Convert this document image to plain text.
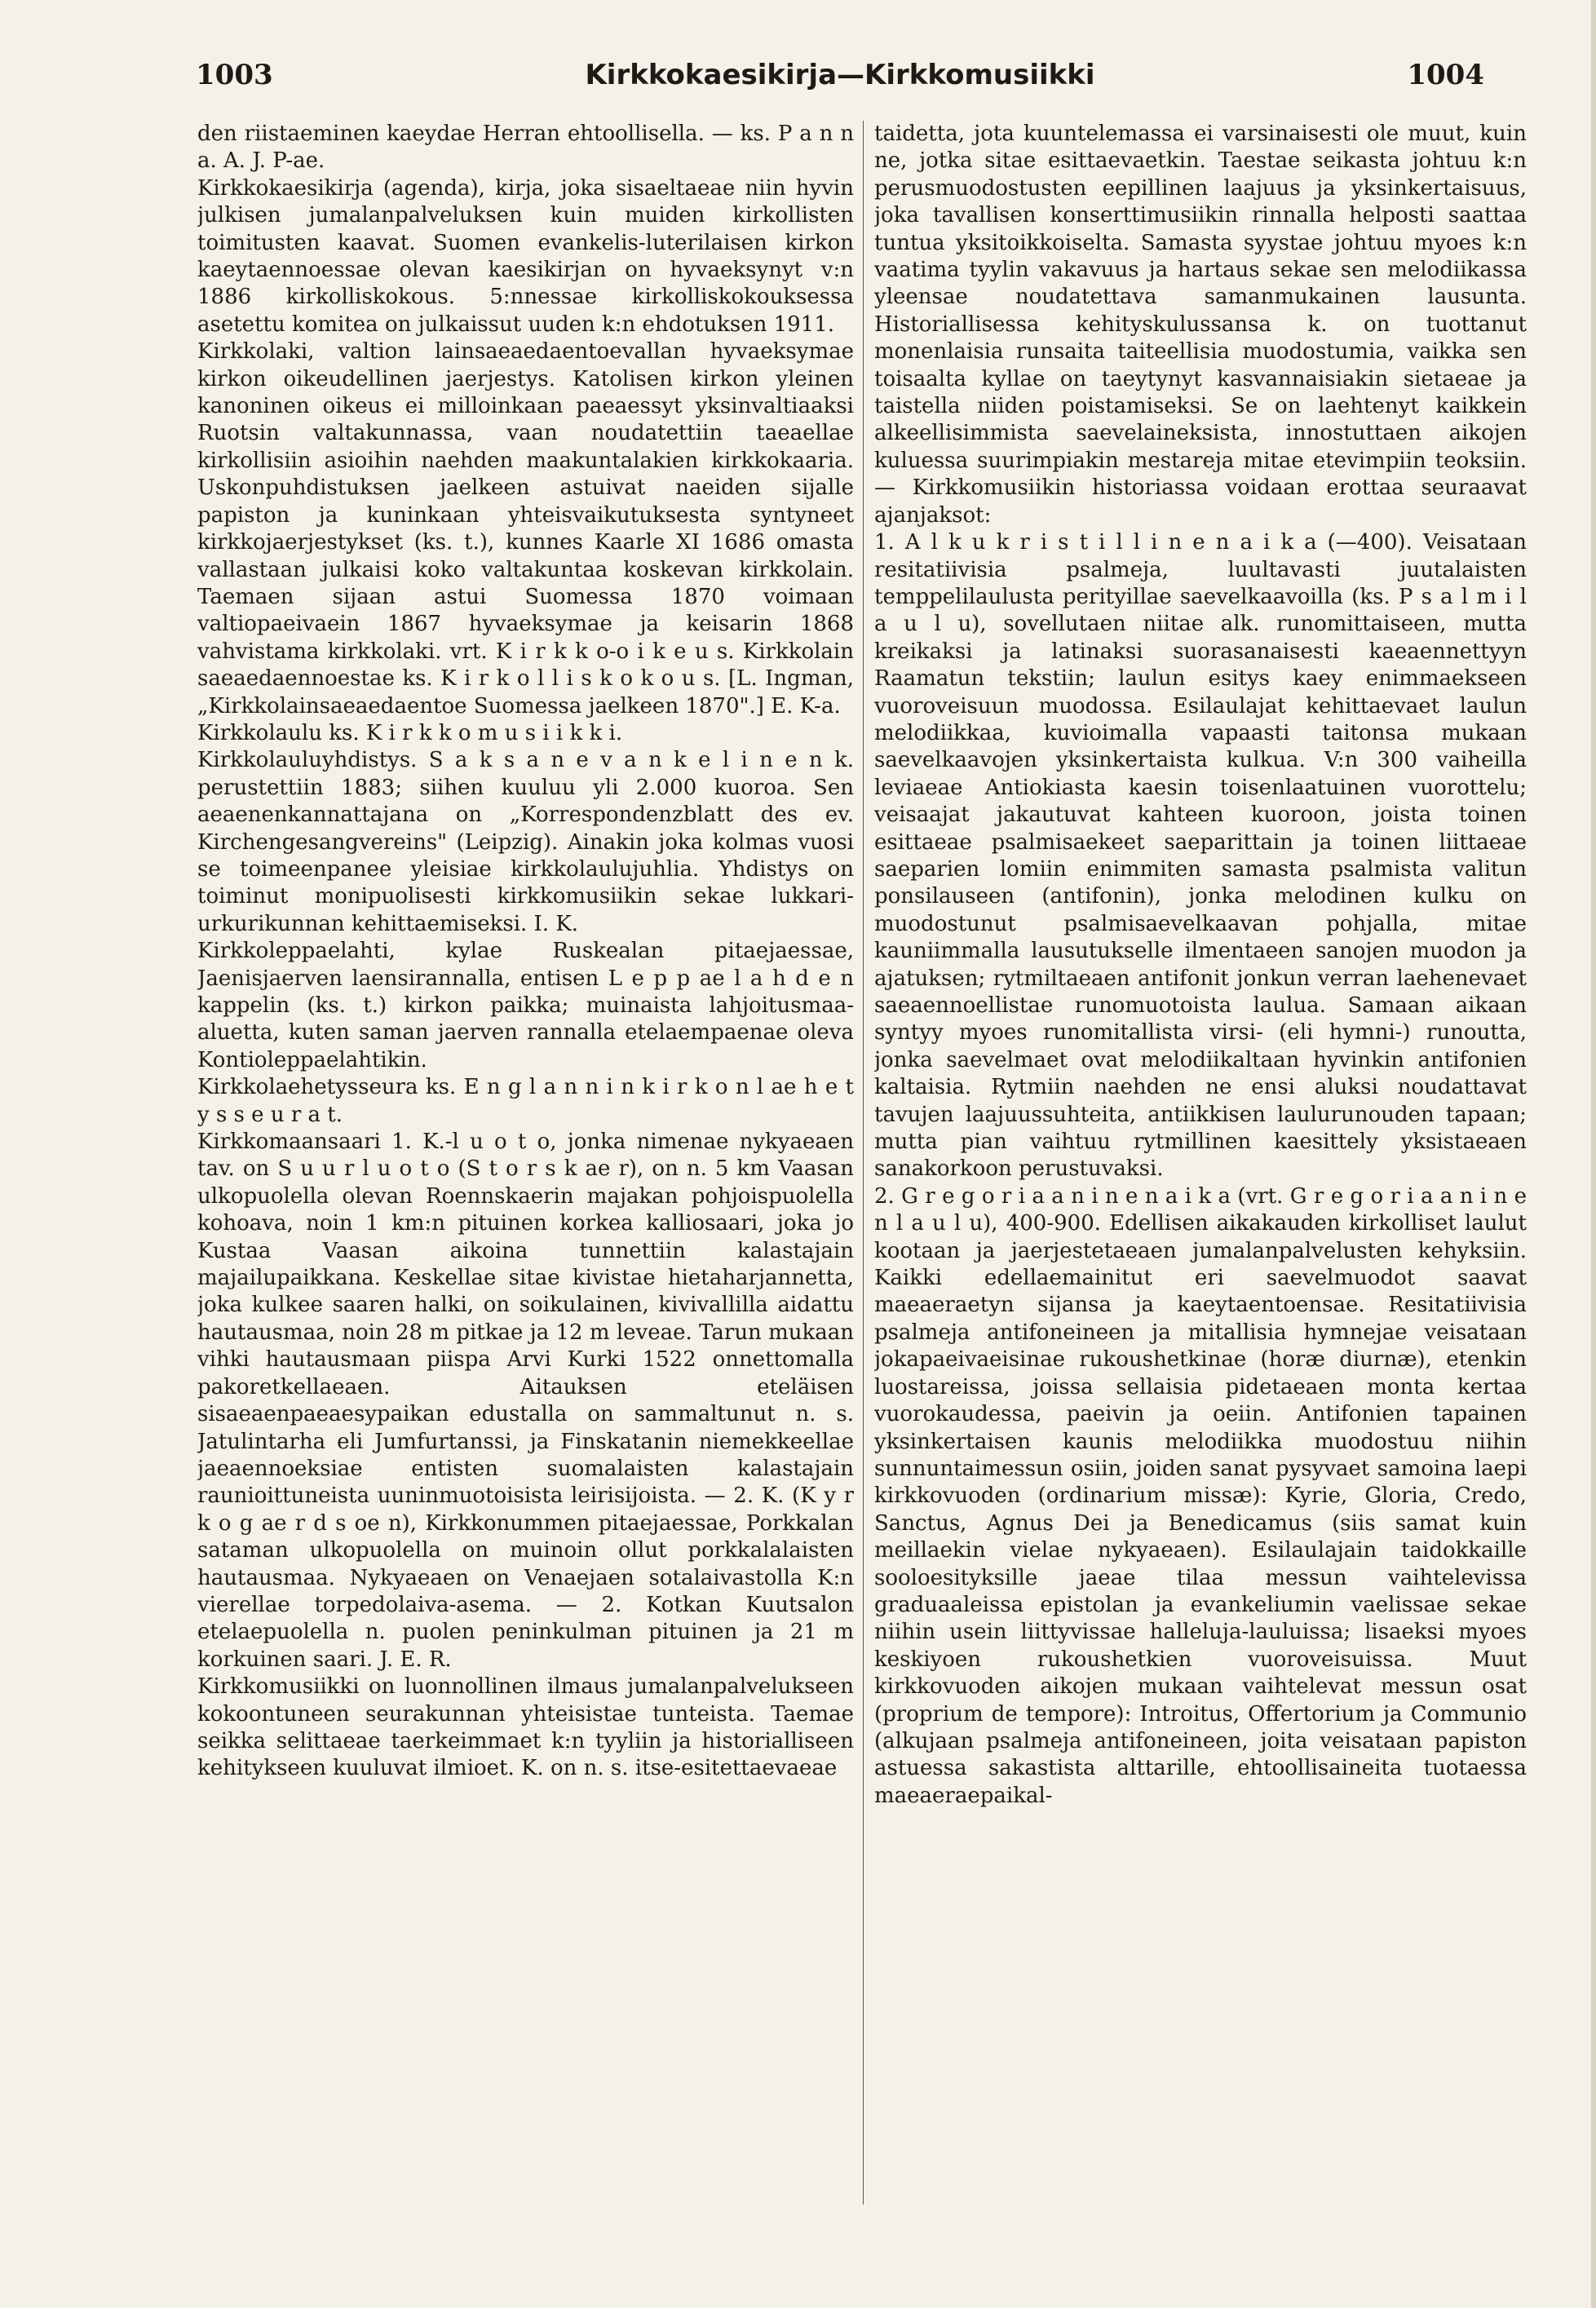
1003	Kirkkokaesikirja—Kirkkomusiikki	1004

den riistaeminen kaeydae Herran ehtoollisella. — ks. P a n n a. A. J. P-ae.

Kirkkokaesikirja (agenda), kirja, joka sisaeltaeae niin hyvin julkisen jumalanpalveluksen kuin muiden kirkollisten toimitusten kaavat. Suomen evankelis-luterilaisen kirkon kaeytaennoessae olevan kaesikirjan on hyvaeksynyt v:n 1886 kirkolliskokous. 5:nnessae kirkolliskokouksessa asetettu komitea on julkaissut uuden k:n ehdotuksen 1911.

Kirkkolaki, valtion lainsaeaedaentoevallan hyvaeksymae kirkon oikeudellinen jaerjestys. Katolisen kirkon yleinen kanoninen oikeus ei milloinkaan paeaessyt yksinvaltiaaksi Ruotsin valtakunnassa, vaan noudatettiin taeaellae kirkollisiin asioihin naehden maakuntalakien kirkkokaaria. Uskonpuhdistuksen jaelkeen astuivat naeiden sijalle papiston ja kuninkaan yhteisvaikutuksesta syntyneet kirkkojaerjestykset (ks. t.), kunnes Kaarle XI 1686 omasta vallastaan julkaisi koko valtakuntaa koskevan kirkkolain. Taemaen sijaan astui Suomessa 1870 voimaan valtiopaeivaein 1867 hyvaeksymae ja keisarin 1868 vahvistama kirkkolaki. vrt. K i r k k o-o i k e u s. Kirkkolain saeaedaennoestae ks. K i r k o l l i s k o k o u s. [L. Ingman, „Kirkkolainsaeaedaentoe Suomessa jaelkeen 1870".] E. K-a.

Kirkkolaulu ks. K i r k k o m u s i i k k i.

Kirkkolauluyhdistys. S a k s a n e v a n k e l i n e n k. perustettiin 1883; siihen kuuluu yli 2.000 kuoroa. Sen aeaenenkannattajana on „Korrespondenzblatt des ev. Kirchengesangvereins" (Leipzig). Ainakin joka kolmas vuosi se toimeenpanee yleisiae kirkkolaulujuhlia. Yhdistys on toiminut monipuolisesti kirkkomusiikin sekae lukkari-urkurikunnan kehittaemiseksi. I. K.

Kirkkoleppaelahti, kylae Ruskealan pitaejaessae, Jaenisjaerven laensirannalla, entisen L e p p ae l a h d e n kappelin (ks. t.) kirkon paikka; muinaista lahjoitusmaa-aluetta, kuten saman jaerven rannalla etelaempaenae oleva Kontioleppaelahtikin.

Kirkkolaehetysseura ks. E n g l a n n i n k i r k o n l ae h e t y s s e u r a t.

Kirkkomaansaari 1. K.-l u o t o, jonka nimenae nykyaeaen tav. on S u u r l u o t o (S t o r s k ae r), on n. 5 km Vaasan ulkopuolella olevan Roennskaerin majakan pohjoispuolella kohoava, noin 1 km:n pituinen korkea kalliosaari, joka jo Kustaa Vaasan aikoina tunnettiin kalastajain majailupaikkana. Keskellae sitae kivistae hietaharjannetta, joka kulkee saaren halki, on soikulainen, kivivallilla aidattu hautausmaa, noin 28 m pitkae ja 12 m leveae. Tarun mukaan vihki hautausmaan piispa Arvi Kurki 1522 onnettomalla pakoretkellaeaen. Aitauksen eteläisen sisaeaenpaeaesypaikan edustalla on sammaltunut n. s. Jatulintarha eli Jumfurtanssi, ja Finskatanin niemekkeellae jaeaennoeksiae entisten suomalaisten kalastajain raunioittuneista uuninmuotoisista leirisijoista. — 2. K. (K y r k o g ae r d s oe n), Kirkkonummen pitaejaessae, Porkkalan sataman ulkopuolella on muinoin ollut porkkalalaisten hautausmaa. Nykyaeaen on Venaejaen sotalaivastolla K:n vierellae torpedolaiva-asema. — 2. Kotkan Kuutsalon etelaepuolella n. puolen peninkulman pituinen ja 21 m korkuinen saari. J. E. R.

Kirkkomusiikki on luonnollinen ilmaus jumalanpalvelukseen kokoontuneen seurakunnan yhteisistae tunteista. Taemae seikka selittaeae taerkeimmaet k:n tyyliin ja historialliseen kehitykseen kuuluvat ilmioet. K. on n. s. itse-esitettaevaeae

taidetta, jota kuuntelemassa ei varsinaisesti ole muut, kuin ne, jotka sitae esittaevaetkin. Taestae seikasta johtuu k:n perusmuodostusten eepillinen laajuus ja yksinkertaisuus, joka tavallisen konserttimusiikin rinnalla helposti saattaa tuntua yksitoikkoiselta. Samasta syystae johtuu myoes k:n vaatima tyylin vakavuus ja hartaus sekae sen melodiikassa yleensae noudatettava samanmukainen lausunta. Historiallisessa kehityskulussansa k. on tuottanut monenlaisia runsaita taiteellisia muodostumia, vaikka sen toisaalta kyllae on taeytynyt kasvannaisiakin sietaeae ja taistella niiden poistamiseksi. Se on laehtenyt kaikkein alkeellisimmista saevelaineksista, innostuttaen aikojen kuluessa suurimpiakin mestareja mitae etevimpiin teoksiin. — Kirkkomusiikin historiassa voidaan erottaa seuraavat ajanjaksot:

1. A l k u k r i s t i l l i n e n a i k a (—400). Veisataan resitatiivisia psalmeja, luultavasti juutalaisten temppelilaulusta perityillae saevelkaavoilla (ks. P s a l m i l a u l u), sovellutaen niitae alk. runomittaiseen, mutta kreikaksi ja latinaksi suorasanaisesti kaeaennettyyn Raamatun tekstiin; laulun esitys kaey enimmaekseen vuoroveisuun muodossa. Esilaulajat kehittaevaet laulun melodiikkaa, kuvioimalla vapaasti taitonsa mukaan saevelkaavojen yksinkertaista kulkua. V:n 300 vaiheilla leviaeae Antiokiasta kaesin toisenlaatuinen vuorottelu; veisaajat jakautuvat kahteen kuoroon, joista toinen esittaeae psalmisaekeet saeparittain ja toinen liittaeae saeparien lomiin enimmiten samasta psalmista valitun ponsilauseen (antifonin), jonka melodinen kulku on muodostunut psalmisaevelkaavan pohjalla, mitae kauniimmalla lausutukselle ilmentaeen sanojen muodon ja ajatuksen; rytmiltaeaen antifonit jonkun verran laehenevaet saeaennoellistae runomuotoista laulua. Samaan aikaan syntyy myoes runomitallista virsi- (eli hymni-) runoutta, jonka saevelmaet ovat melodiikaltaan hyvinkin antifonien kaltaisia. Rytmiin naehden ne ensi aluksi noudattavat tavujen laajuussuhteita, antiikkisen laulurunouden tapaan; mutta pian vaihtuu rytmillinen kaesittely yksistaeaen sanakorkoon perustuvaksi.

2. G r e g o r i a a n i n e n a i k a (vrt. G r e g o r i a a n i n e n l a u l u), 400-900. Edellisen aikakauden kirkolliset laulut kootaan ja jaerjestetaeaen jumalanpalvelusten kehyksiin. Kaikki edellaemainitut eri saevelmuodot saavat maeaeraetyn sijansa ja kaeytaentoensae. Resitatiivisia psalmeja antifoneineen ja mitallisia hymnejae veisataan jokapaeivaeisinae rukoushetkinae (horæ diurnæ), etenkin luostareissa, joissa sellaisia pidetaeaen monta kertaa vuorokaudessa, paeivin ja oeiin. Antifonien tapainen yksinkertaisen kaunis melodiikka muodostuu niihin sunnuntaimessun osiin, joiden sanat pysyvaet samoina laepi kirkkovuoden (ordinarium missæ): Kyrie, Gloria, Credo, Sanctus, Agnus Dei ja Benedicamus (siis samat kuin meillaekin vielae nykyaeaen). Esilaulajain taidokkaille sooloesityksille jaeae tilaa messun vaihtelevissa graduaaleissa epistolan ja evankeliumin vaelissae sekae niihin usein liittyvissae halleluja-lauluissa; lisaeksi myoes keskiyoen rukoushetkien vuoroveisuissa. Muut kirkkovuoden aikojen mukaan vaihtelevat messun osat (proprium de tempore): Introitus, Offertorium ja Communio (alkujaan psalmeja antifoneineen, joita veisataan papiston astuessa sakastista alttarille, ehtoollisaineita tuotaessa maeaeraepaikal-
